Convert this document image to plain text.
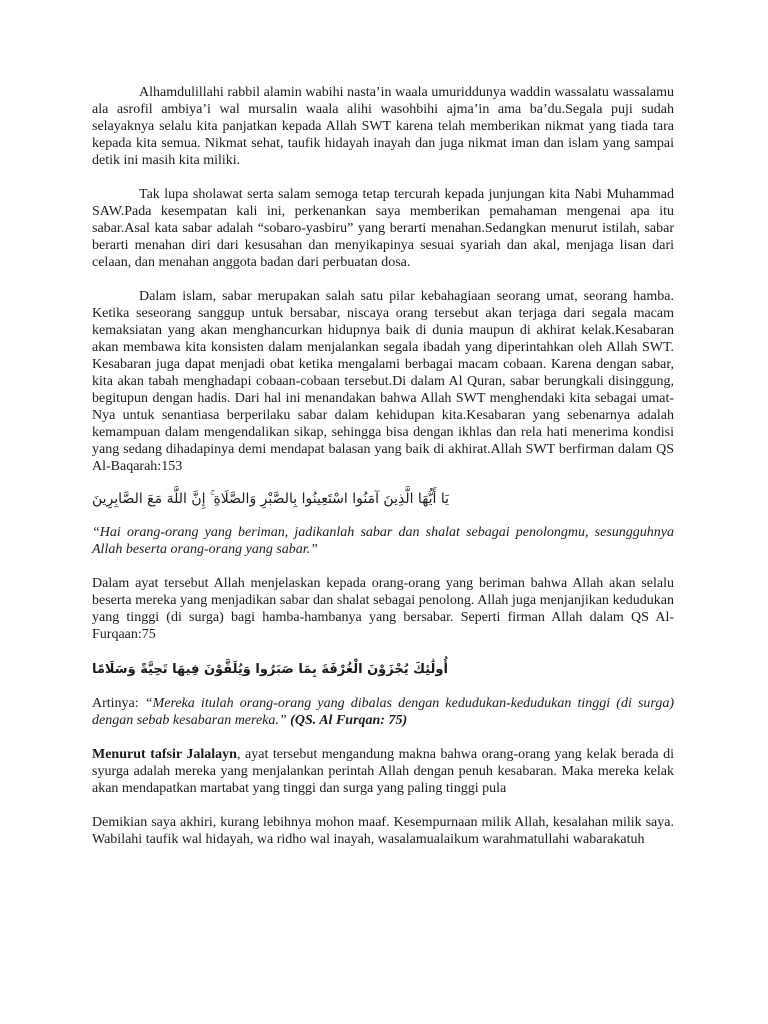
Alhamdulillahi rabbil alamin wabihi nasta’in waala umuriddunya waddin wassalatu wassalamu ala asrofil ambiya’i wal mursalin waala alihi wasohbihi ajma’in ama ba’du.Segala puji sudah selayaknya selalu kita panjatkan kepada Allah SWT karena telah memberikan nikmat yang tiada tara kepada kita semua. Nikmat sehat, taufik hidayah inayah dan juga nikmat iman dan islam yang sampai detik ini masih kita miliki.

Tak lupa sholawat serta salam semoga tetap tercurah kepada junjungan kita Nabi Muhammad SAW.Pada kesempatan kali ini, perkenankan saya memberikan pemahaman mengenai apa itu sabar.Asal kata sabar adalah “sobaro-yasbiru” yang berarti menahan.Sedangkan menurut istilah, sabar berarti menahan diri dari kesusahan dan menyikapinya sesuai syariah dan akal, menjaga lisan dari celaan, dan menahan anggota badan dari perbuatan dosa.

Dalam islam, sabar merupakan salah satu pilar kebahagiaan seorang umat, seorang hamba. Ketika seseorang sanggup untuk bersabar, niscaya orang tersebut akan terjaga dari segala macam kemaksiatan yang akan menghancurkan hidupnya baik di dunia maupun di akhirat kelak.Kesabaran akan membawa kita konsisten dalam menjalankan segala ibadah yang diperintahkan oleh Allah SWT. Kesabaran juga dapat menjadi obat ketika mengalami berbagai macam cobaan. Karena dengan sabar, kita akan tabah menghadapi cobaan-cobaan tersebut.Di dalam Al Quran, sabar berungkali disinggung, begitupun dengan hadis. Dari hal ini menandakan bahwa Allah SWT menghendaki kita sebagai umat-Nya untuk senantiasa berperilaku sabar dalam kehidupan kita.Kesabaran yang sebenarnya adalah kemampuan dalam mengendalikan sikap, sehingga bisa dengan ikhlas dan rela hati menerima kondisi yang sedang dihadapinya demi mendapat balasan yang baik di akhirat.Allah SWT berfirman dalam QS Al-Baqarah:153

يَا أَيُّهَا الَّذِينَ آمَنُوا اسْتَعِينُوا بِالصَّبْرِ وَالصَّلَاةِ ۚ إِنَّ اللَّهَ مَعَ الصَّابِرِينَ

“Hai orang-orang yang beriman, jadikanlah sabar dan shalat sebagai penolongmu, sesungguhnya Allah beserta orang-orang yang sabar.”

Dalam ayat tersebut Allah menjelaskan kepada orang-orang yang beriman bahwa Allah akan selalu beserta mereka yang menjadikan sabar dan shalat sebagai penolong. Allah juga menjanjikan kedudukan yang tinggi (di surga) bagi hamba-hambanya yang bersabar. Seperti firman Allah dalam QS Al-Furqaan:75

أُولَٰئِكَ يُجْزَوْنَ الْغُرْفَةَ بِمَا صَبَرُوا وَيُلَقَّوْنَ فِيهَا تَحِيَّةً وَسَلَامًا

Artinya: “Mereka itulah orang-orang yang dibalas dengan kedudukan-kedudukan tinggi (di surga) dengan sebab kesabaran mereka.” (QS. Al Furqan: 75)

Menurut tafsir Jalalayn, ayat tersebut mengandung makna bahwa orang-orang yang kelak berada di syurga adalah mereka yang menjalankan perintah Allah dengan penuh kesabaran. Maka mereka kelak akan mendapatkan martabat yang tinggi dan surga yang paling tinggi pula

Demikian saya akhiri, kurang lebihnya mohon maaf. Kesempurnaan milik Allah, kesalahan milik saya. Wabilahi taufik wal hidayah, wa ridho wal inayah, wasalamualaikum warahmatullahi wabarakatuh
